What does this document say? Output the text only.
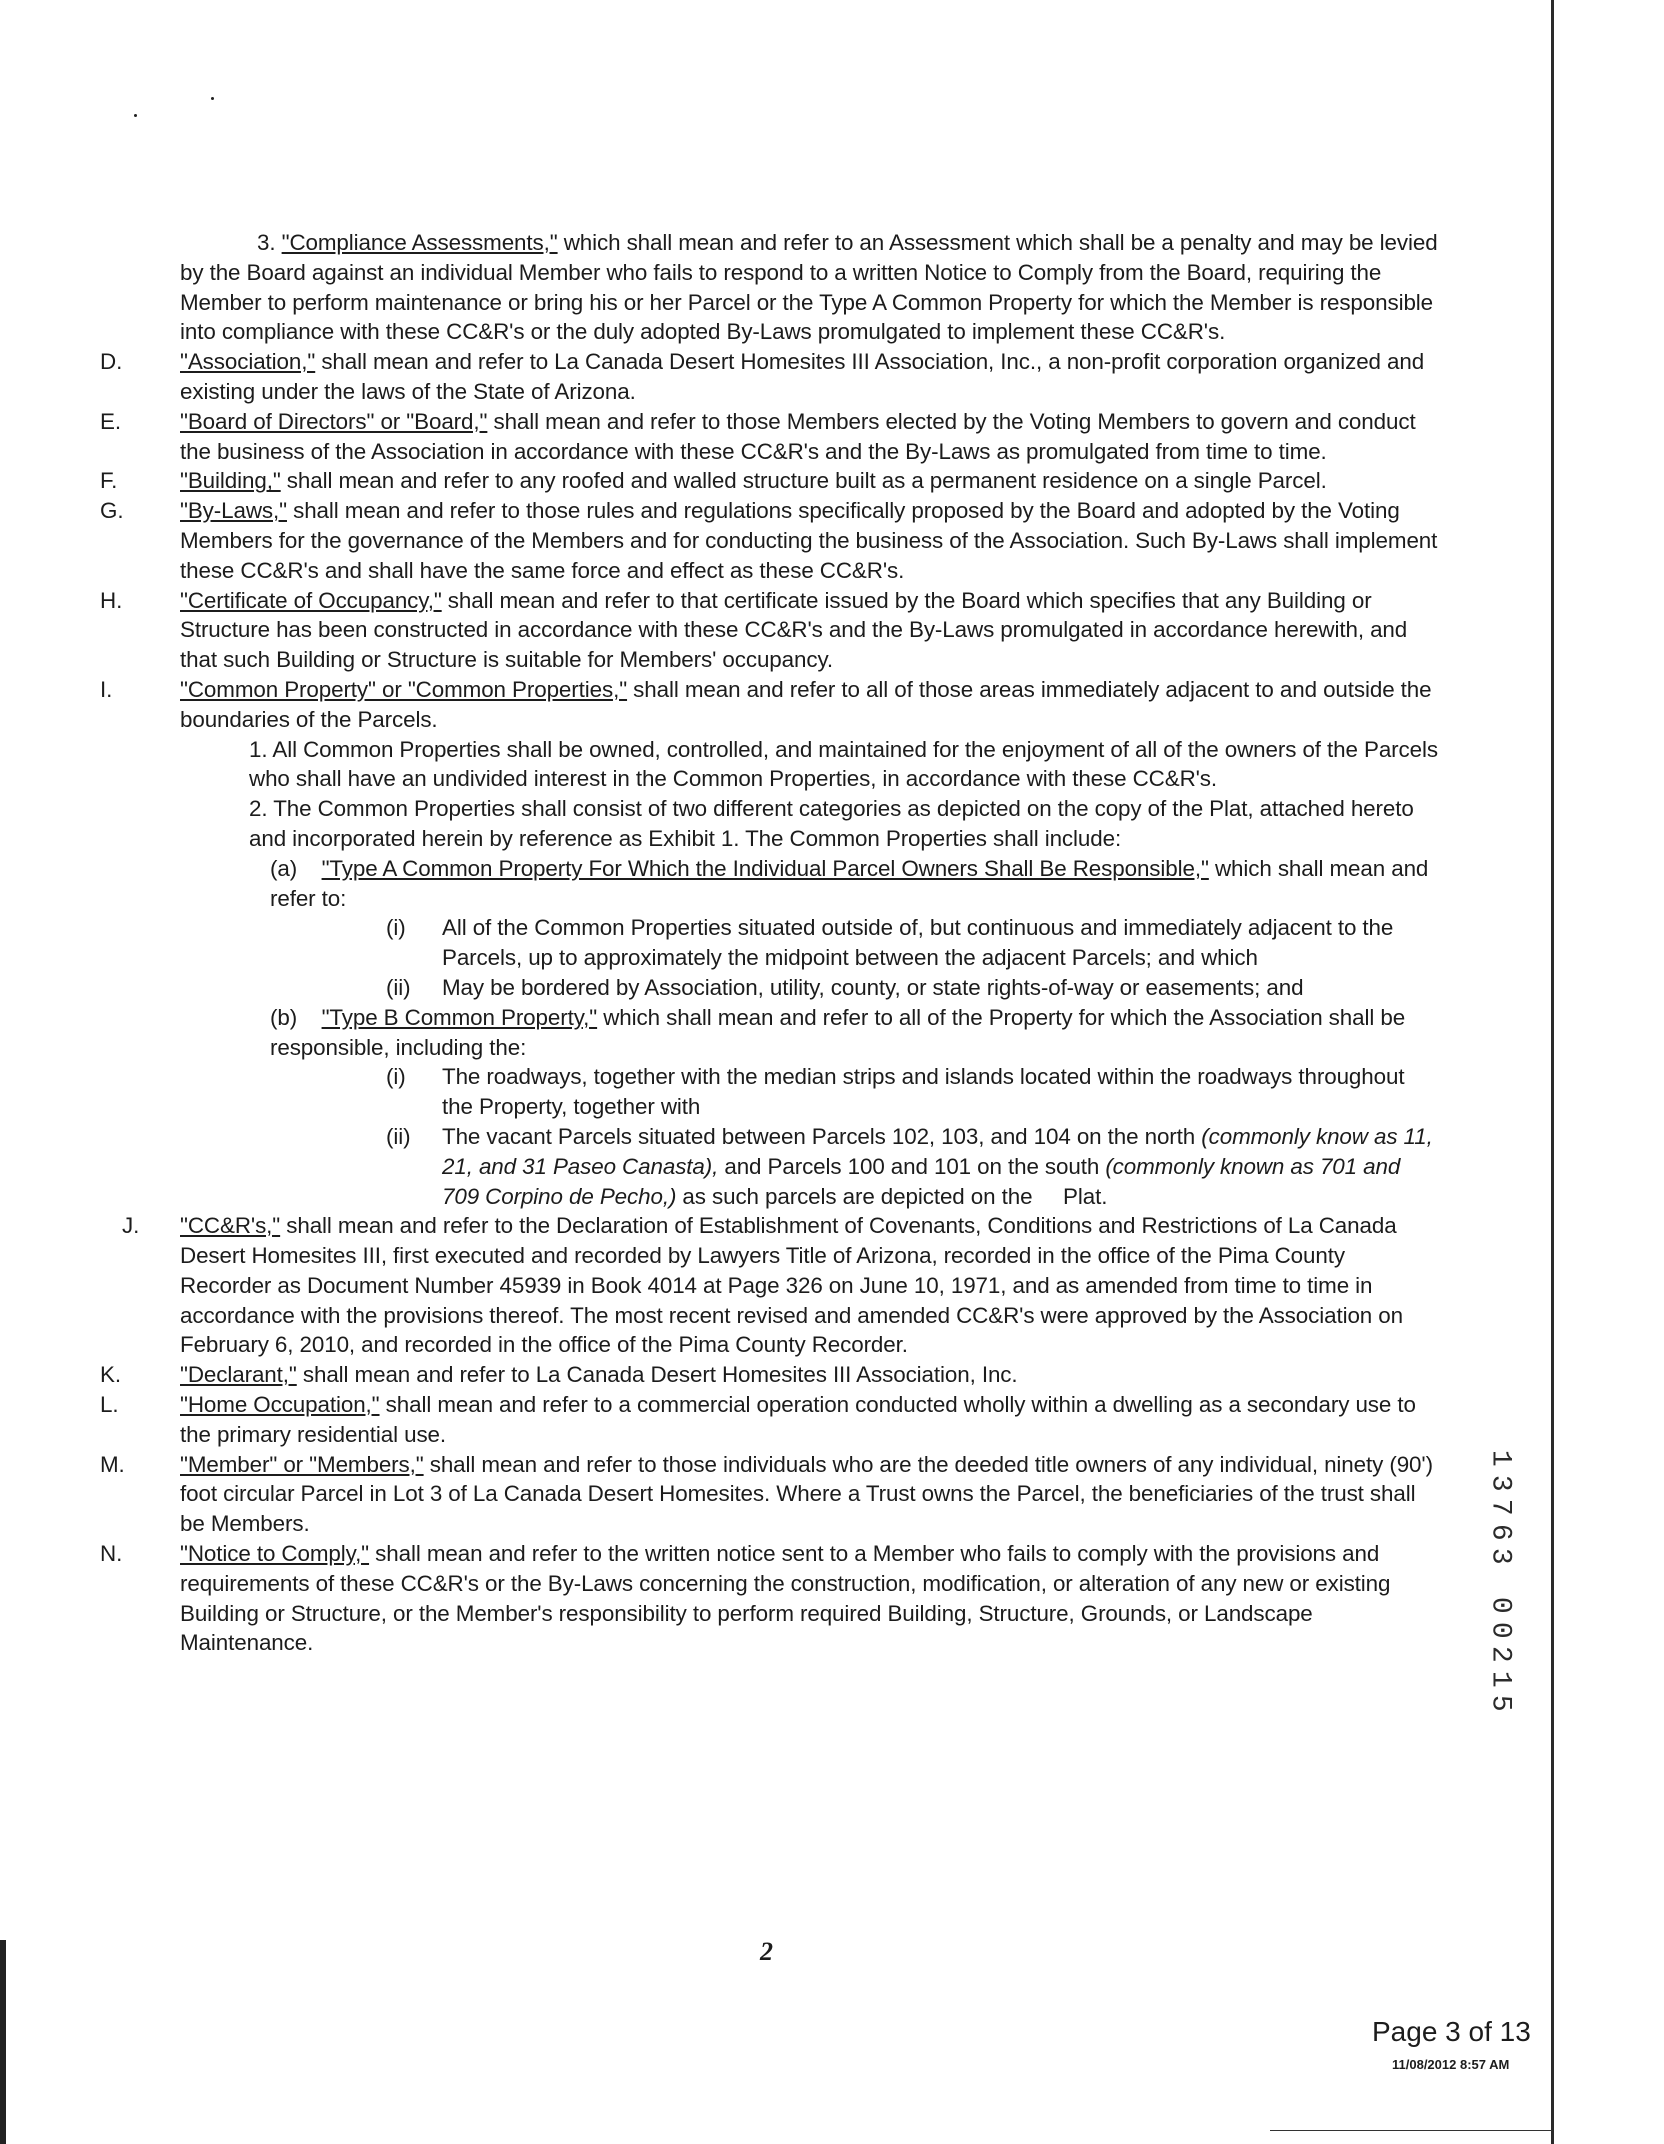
3. "Compliance Assessments," which shall mean and refer to an Assessment which shall be a penalty and may be levied by the Board against an individual Member who fails to respond to a written Notice to Comply from the Board, requiring the Member to perform maintenance or bring his or her Parcel or the Type A Common Property for which the Member is responsible into compliance with these CC&R's or the duly adopted By-Laws promulgated to implement these CC&R's.
D.	"Association," shall mean and refer to La Canada Desert Homesites III Association, Inc., a non-profit corporation organized and existing under the laws of the State of Arizona.
E.	"Board of Directors" or "Board," shall mean and refer to those Members elected by the Voting Members to govern and conduct the business of the Association in accordance with these CC&R's and the By-Laws as promulgated from time to time.
F.	"Building," shall mean and refer to any roofed and walled structure built as a permanent residence on a single Parcel.
G.	"By-Laws," shall mean and refer to those rules and regulations specifically proposed by the Board and adopted by the Voting Members for the governance of the Members and for conducting the business of the Association. Such By-Laws shall implement these CC&R's and shall have the same force and effect as these CC&R's.
H.	"Certificate of Occupancy," shall mean and refer to that certificate issued by the Board which specifies that any Building or Structure has been constructed in accordance with these CC&R's and the By-Laws promulgated in accordance herewith, and that such Building or Structure is suitable for Members' occupancy.
I.	"Common Property" or "Common Properties," shall mean and refer to all of those areas immediately adjacent to and outside the boundaries of the Parcels.
1. All Common Properties shall be owned, controlled, and maintained for the enjoyment of all of the owners of the Parcels who shall have an undivided interest in the Common Properties, in accordance with these CC&R's.
2. The Common Properties shall consist of two different categories as depicted on the copy of the Plat, attached hereto and incorporated herein by reference as Exhibit 1. The Common Properties shall include:
(a) "Type A Common Property For Which the Individual Parcel Owners Shall Be Responsible," which shall mean and refer to:
(i) All of the Common Properties situated outside of, but continuous and immediately adjacent to the Parcels, up to approximately the midpoint between the adjacent Parcels; and which
(ii) May be bordered by Association, utility, county, or state rights-of-way or easements; and
(b) "Type B Common Property," which shall mean and refer to all of the Property for which the Association shall be responsible, including the:
(i) The roadways, together with the median strips and islands located within the roadways throughout the Property, together with
(ii) The vacant Parcels situated between Parcels 102, 103, and 104 on the north (commonly know as 11, 21, and 31 Paseo Canasta), and Parcels 100 and 101 on the south (commonly known as 701 and 709 Corpino de Pecho,) as such parcels are depicted on the     Plat.
J. "CC&R's," shall mean and refer to the Declaration of Establishment of Covenants, Conditions and Restrictions of La Canada Desert Homesites III, first executed and recorded by Lawyers Title of Arizona, recorded in the office of the Pima County Recorder as Document Number 45939 in Book 4014 at Page 326 on June 10, 1971, and as amended from time to time in accordance with the provisions thereof. The most recent revised and amended CC&R's were approved by the Association on February 6, 2010, and recorded in the office of the Pima County Recorder.
K.	"Declarant," shall mean and refer to La Canada Desert Homesites III Association, Inc.
L.	"Home Occupation," shall mean and refer to a commercial operation conducted wholly within a dwelling as a secondary use to the primary residential use.
M. "Member" or "Members," shall mean and refer to those individuals who are the deeded title owners of any individual, ninety (90') foot circular Parcel in Lot 3 of La Canada Desert Homesites. Where a Trust owns the Parcel, the beneficiaries of the trust shall be Members.
N.	"Notice to Comply," shall mean and refer to the written notice sent to a Member who fails to comply with the provisions and requirements of these CC&R's or the By-Laws concerning the construction, modification, or alteration of any new or existing Building or Structure, or the Member's responsibility to perform required Building, Structure, Grounds, or Landscape Maintenance.
1
3
7
6
3

0
0
2
1
5
2
Page 3 of 13
11/08/2012 8:57 AM
